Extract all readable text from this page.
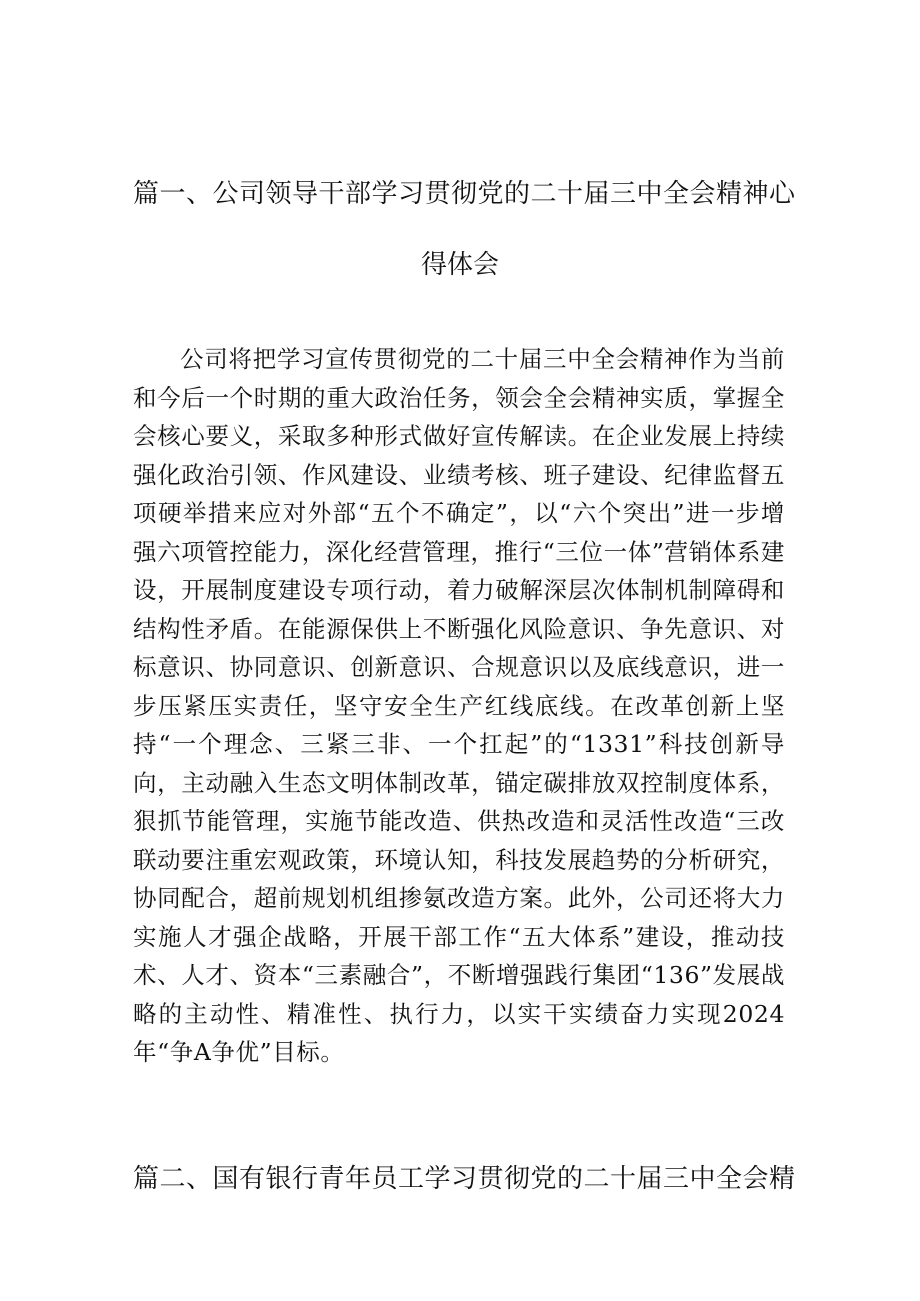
篇一、公司领导干部学习贯彻党的二十届三中全会精神心
得体会

公司将把学习宣传贯彻党的二十届三中全会精神作为当前和今后一个时期的重大政治任务，领会全会精神实质，掌握全会核心要义，采取多种形式做好宣传解读。在企业发展上持续强化政治引领、作风建设、业绩考核、班子建设、纪律监督五项硬举措来应对外部“五个不确定”，以“六个突出”进一步增强六项管控能力，深化经营管理，推行“三位一体”营销体系建设，开展制度建设专项行动，着力破解深层次体制机制障碍和结构性矛盾。在能源保供上不断强化风险意识、争先意识、对标意识、协同意识、创新意识、合规意识以及底线意识，进一步压紧压实责任，坚守安全生产红线底线。在改革创新上坚持“一个理念、三紧三非、一个扛起”的“1331”科技创新导向，主动融入生态文明体制改革，锚定碳排放双控制度体系，狠抓节能管理，实施节能改造、供热改造和灵活性改造“三改联动要注重宏观政策，环境认知，科技发展趋势的分析研究，协同配合，超前规划机组掺氨改造方案。此外，公司还将大力实施人才强企战略，开展干部工作“五大体系”建设，推动技术、人才、资本“三素融合”，不断增强践行集团“136”发展战略的主动性、精准性、执行力，以实干实绩奋力实现2024年“争A争优”目标。

篇二、国有银行青年员工学习贯彻党的二十届三中全会精
